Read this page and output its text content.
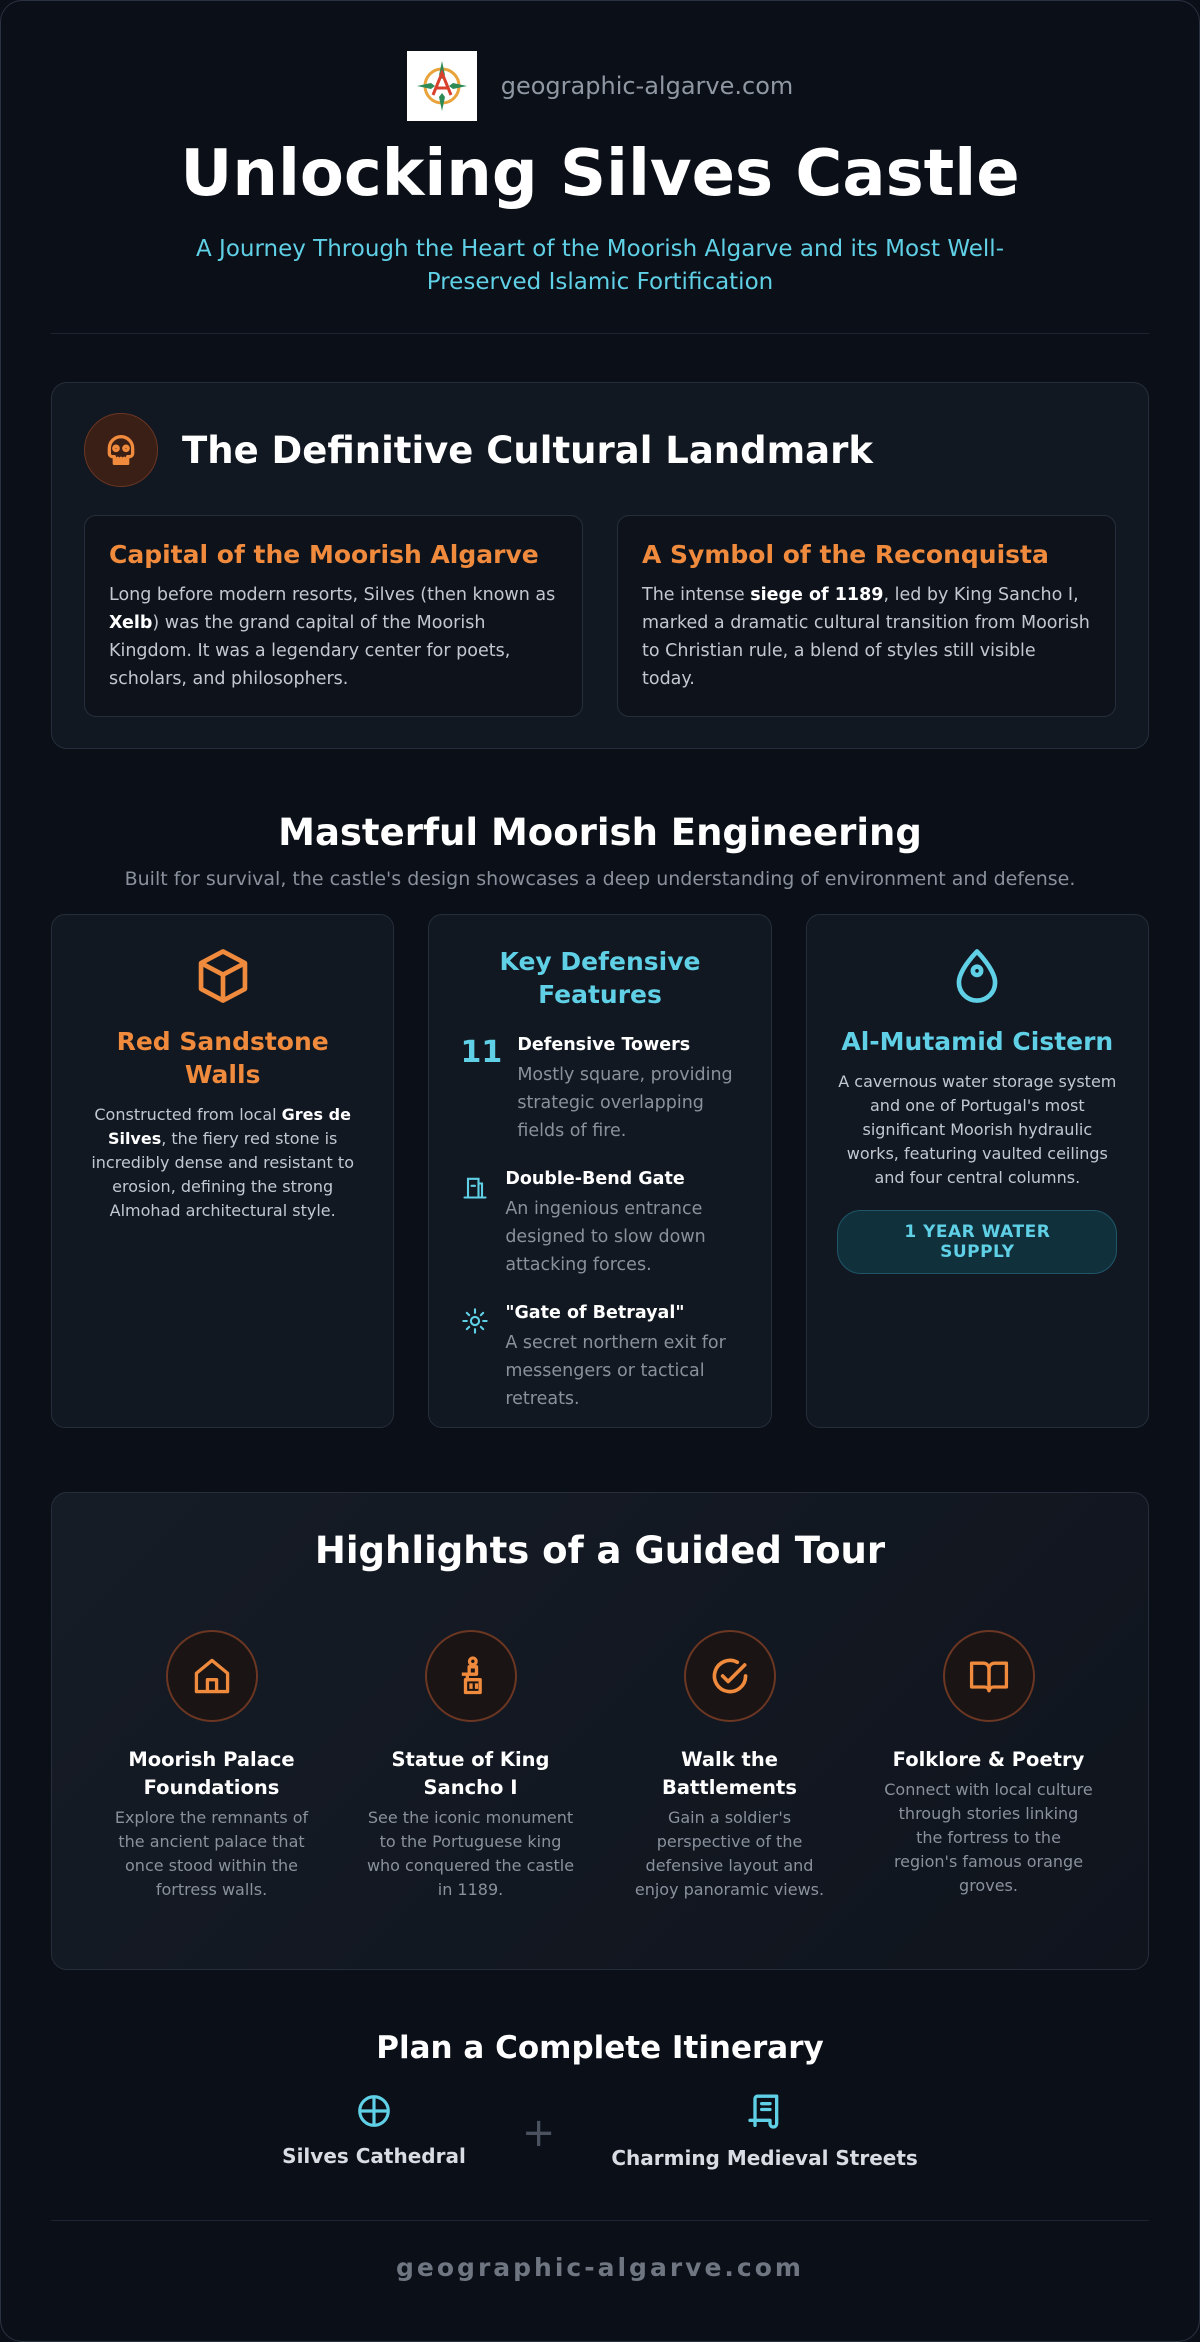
geographic-algarve.com
Unlocking Silves Castle

A Journey Through the Heart of the Moorish Algarve and its Most Well-Preserved Islamic Fortification

The Definitive Cultural Landmark
Capital of the Moorish Algarve

Long before modern resorts, Silves (then known as Xelb) was the grand capital of the Moorish Kingdom. It was a legendary center for poets, scholars, and philosophers.

A Symbol of the Reconquista

The intense siege of 1189, led by King Sancho I, marked a dramatic cultural transition from Moorish to Christian rule, a blend of styles still visible today.

Masterful Moorish Engineering

Built for survival, the castle's design showcases a deep understanding of environment and defense.

Red Sandstone Walls

Constructed from local Gres de Silves, the fiery red stone is incredibly dense and resistant to erosion, defining the strong Almohad architectural style.

Key Defensive Features
11 Defensive Towers
Mostly square, providing strategic overlapping fields of fire.
Double-Bend Gate
An ingenious entrance designed to slow down attacking forces.
"Gate of Betrayal"
A secret northern exit for messengers or tactical retreats.
Al-Mutamid Cistern

A cavernous water storage system and one of Portugal's most significant Moorish hydraulic works, featuring vaulted ceilings and four central columns.

1 YEAR WATER SUPPLY
Highlights of a Guided Tour
Moorish Palace Foundations

Explore the remnants of the ancient palace that once stood within the fortress walls.

Statue of King Sancho I

See the iconic monument to the Portuguese king who conquered the castle in 1189.

Walk the Battlements

Gain a soldier's perspective of the defensive layout and enjoy panoramic views.

Folklore & Poetry

Connect with local culture through stories linking the fortress to the region's famous orange groves.

Plan a Complete Itinerary
Silves Cathedral +
Charming Medieval Streets
geographic-algarve.com
